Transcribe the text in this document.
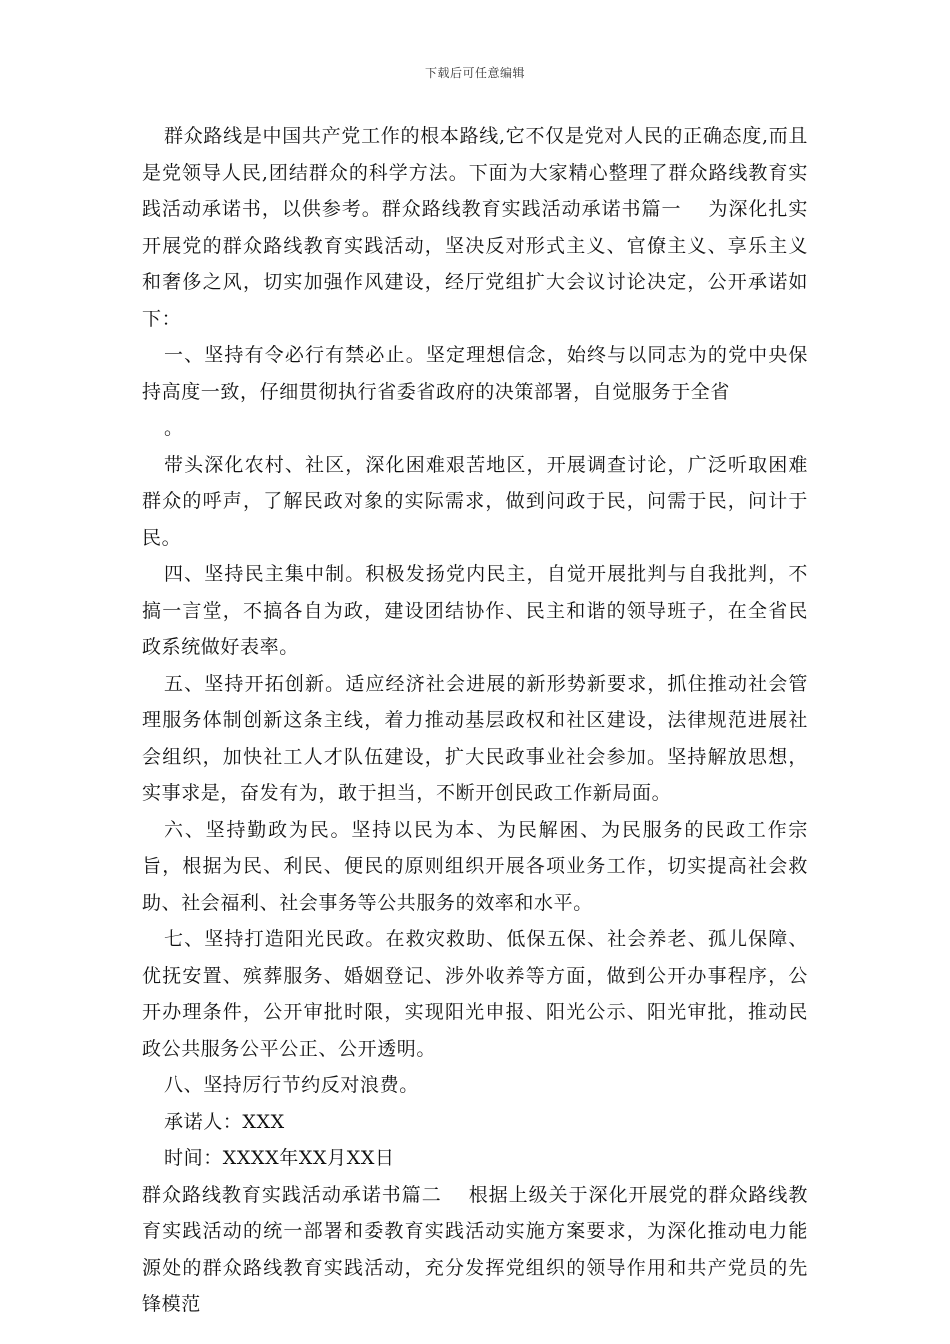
下载后可任意编辑

群众路线是中国共产党工作的根本路线,它不仅是党对人民的正确态度,而且是党领导人民,团结群众的科学方法。下面为大家精心整理了群众路线教育实践活动承诺书，以供参考。群众路线教育实践活动承诺书篇一　 为深化扎实开展党的群众路线教育实践活动，坚决反对形式主义、官僚主义、享乐主义和奢侈之风，切实加强作风建设，经厅党组扩大会议讨论决定，公开承诺如下：

一、坚持有令必行有禁必止。坚定理想信念，始终与以同志为的党中央保持高度一致，仔细贯彻执行省委省政府的决策部署，自觉服务于全省

。

带头深化农村、社区，深化困难艰苦地区，开展调查讨论，广泛听取困难群众的呼声，了解民政对象的实际需求，做到问政于民，问需于民，问计于民。

四、坚持民主集中制。积极发扬党内民主，自觉开展批判与自我批判，不搞一言堂，不搞各自为政，建设团结协作、民主和谐的领导班子，在全省民政系统做好表率。

五、坚持开拓创新。适应经济社会进展的新形势新要求，抓住推动社会管理服务体制创新这条主线，着力推动基层政权和社区建设，法律规范进展社会组织，加快社工人才队伍建设，扩大民政事业社会参加。坚持解放思想，实事求是，奋发有为，敢于担当，不断开创民政工作新局面。

六、坚持勤政为民。坚持以民为本、为民解困、为民服务的民政工作宗旨，根据为民、利民、便民的原则组织开展各项业务工作，切实提高社会救助、社会福利、社会事务等公共服务的效率和水平。

七、坚持打造阳光民政。在救灾救助、低保五保、社会养老、孤儿保障、优抚安置、殡葬服务、婚姻登记、涉外收养等方面，做到公开办事程序，公开办理条件，公开审批时限，实现阳光申报、阳光公示、阳光审批，推动民政公共服务公平公正、公开透明。

八、坚持厉行节约反对浪费。

承诺人：XXX

时间：XXXX年XX月XX日

群众路线教育实践活动承诺书篇二　 根据上级关于深化开展党的群众路线教育实践活动的统一部署和委教育实践活动实施方案要求，为深化推动电力能源处的群众路线教育实践活动，充分发挥党组织的领导作用和共产党员的先锋模范
